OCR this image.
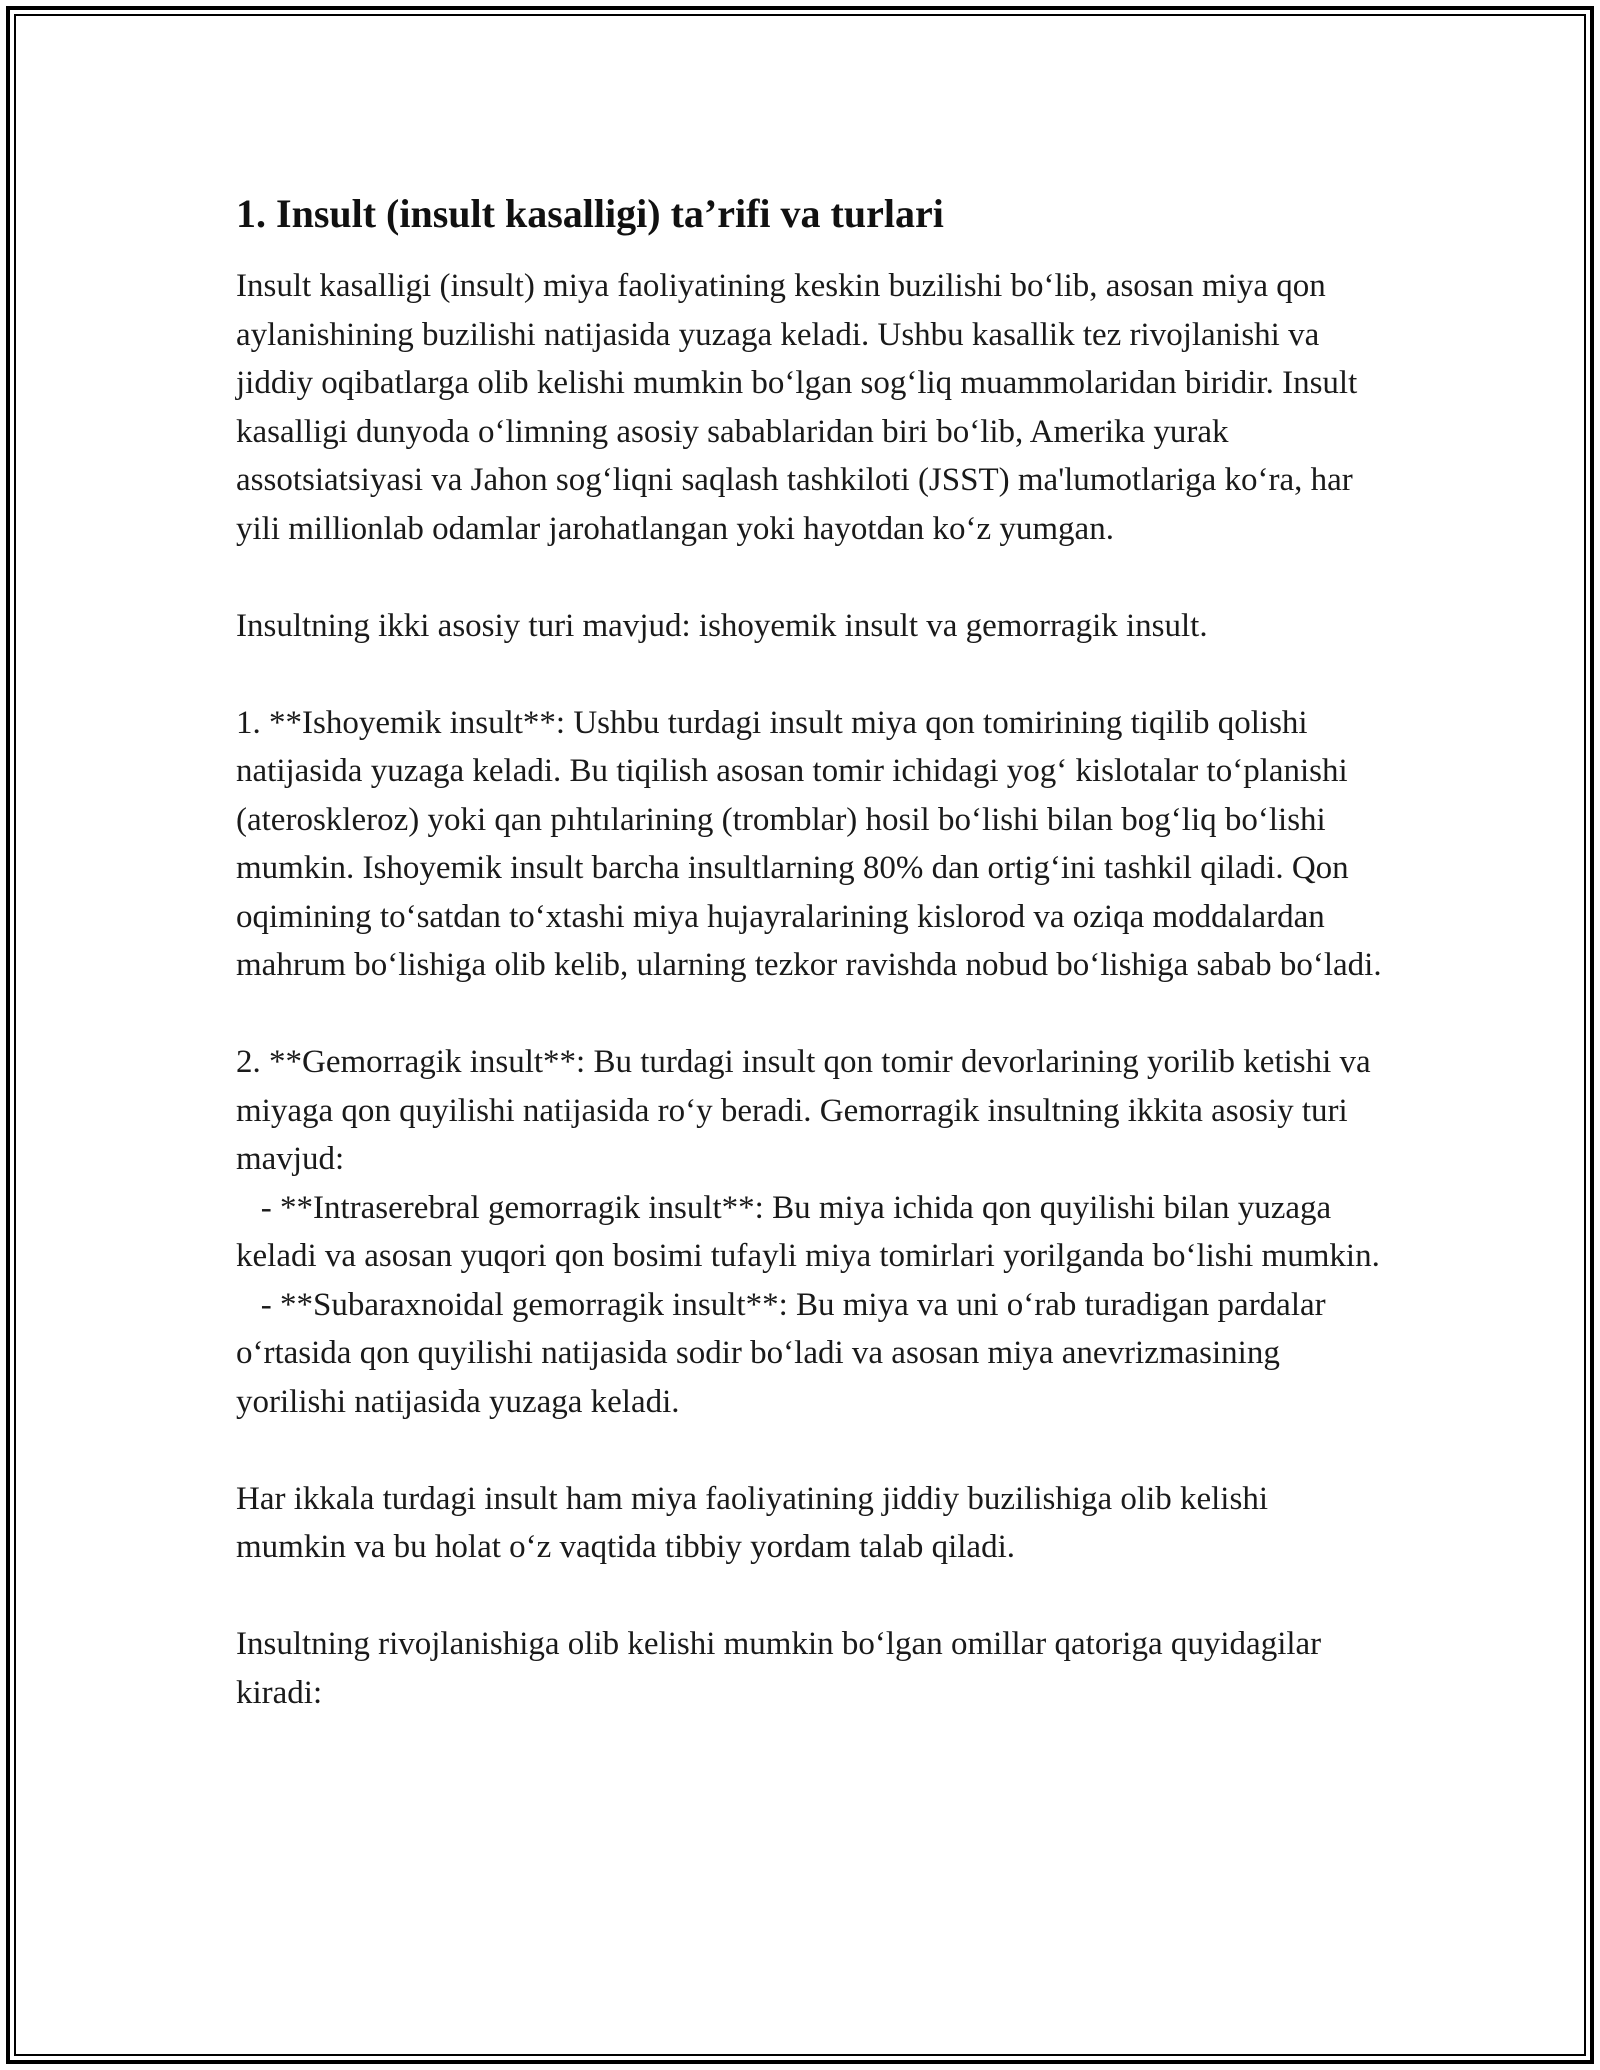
1. Insult (insult kasalligi) ta’rifi va turlari

Insult kasalligi (insult) miya faoliyatining keskin buzilishi bo‘lib, asosan miya qon aylanishining buzilishi natijasida yuzaga keladi. Ushbu kasallik tez rivojlanishi va jiddiy oqibatlarga olib kelishi mumkin bo‘lgan sog‘liq muammolaridan biridir. Insult kasalligi dunyoda o‘limning asosiy sabablaridan biri bo‘lib, Amerika yurak assotsiatsiyasi va Jahon sog‘liqni saqlash tashkiloti (JSST) ma'lumotlariga ko‘ra, har yili millionlab odamlar jarohatlangan yoki hayotdan ko‘z yumgan.

Insultning ikki asosiy turi mavjud: ishoyemik insult va gemorragik insult.

1. **Ishoyemik insult**: Ushbu turdagi insult miya qon tomirining tiqilib qolishi natijasida yuzaga keladi. Bu tiqilish asosan tomir ichidagi yog‘ kislotalar to‘planishi (ateroskleroz) yoki qan pıhtılarining (tromblar) hosil bo‘lishi bilan bog‘liq bo‘lishi mumkin. Ishoyemik insult barcha insultlarning 80% dan ortig‘ini tashkil qiladi. Qon oqimining to‘satdan to‘xtashi miya hujayralarining kislorod va oziqa moddalardan mahrum bo‘lishiga olib kelib, ularning tezkor ravishda nobud bo‘lishiga sabab bo‘ladi.

2. **Gemorragik insult**: Bu turdagi insult qon tomir devorlarining yorilib ketishi va miyaga qon quyilishi natijasida ro‘y beradi. Gemorragik insultning ikkita asosiy turi mavjud:

- **Intraserebral gemorragik insult**: Bu miya ichida qon quyilishi bilan yuzaga keladi va asosan yuqori qon bosimi tufayli miya tomirlari yorilganda bo‘lishi mumkin.

- **Subaraxnoidal gemorragik insult**: Bu miya va uni o‘rab turadigan pardalar o‘rtasida qon quyilishi natijasida sodir bo‘ladi va asosan miya anevrizmasining yorilishi natijasida yuzaga keladi.

Har ikkala turdagi insult ham miya faoliyatining jiddiy buzilishiga olib kelishi mumkin va bu holat o‘z vaqtida tibbiy yordam talab qiladi.

Insultning rivojlanishiga olib kelishi mumkin bo‘lgan omillar qatoriga quyidagilar kiradi:
